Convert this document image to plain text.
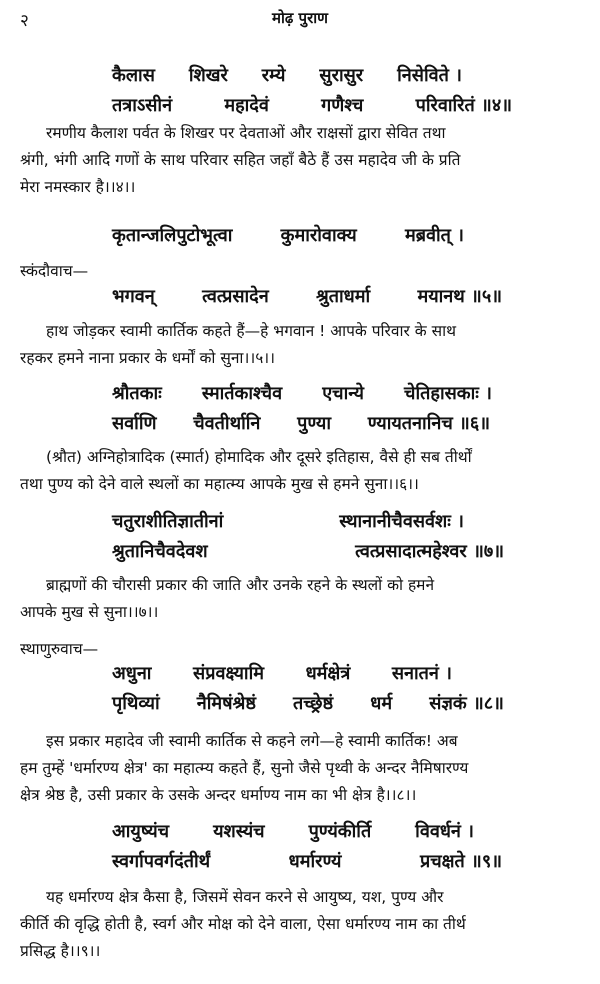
२	मोढ़ पुराण
कैलास शिखरे रम्ये सुरासुर निसेविते ।
तत्राऽसीनं	महादेवं	गणैश्च	परिवारितं ॥४॥
रमणीय कैलाश पर्वत के शिखर पर देवताओं और राक्षसों द्वारा सेवित तथा
श्रंगी, भंगी आदि गणों के साथ परिवार सहित जहाँ बैठे हैं उस महादेव जी के प्रति
मेरा नमस्कार है।।४।।
कृतान्जलिपुटोभूत्वा	कुमारोवाक्य	मब्रवीत् ।
स्कंदौवाच—
भगवन्	त्वत्प्रसादेन	श्रुताधर्मा	मयानथ ॥५॥
हाथ जोड़कर स्वामी कार्तिक कहते हैं—हे भगवान ! आपके परिवार के साथ
रहकर हमने नाना प्रकार के धर्मों को सुना।।५।।
श्रौतकाः स्मार्तकाश्चैव एचान्ये चेतिहासकाः ।
सर्वाणि चैवतीर्थानि पुण्या ण्यायतनानिच ॥६॥
(श्रौत) अग्निहोत्रादिक (स्मार्त) होमादिक और दूसरे इतिहास, वैसे ही सब तीर्थों
तथा पुण्य को देने वाले स्थलों का महात्म्य आपके मुख से हमने सुना।।६।।
चतुराशीतिज्ञातीनां	स्थानानीचैवसर्वशः ।
श्रुतानिचैवदेवश	त्वत्प्रसादात्महेश्वर ॥७॥
ब्राह्मणों की चौरासी प्रकार की जाति और उनके रहने के स्थलों को हमने
आपके मुख से सुना।।७।।
स्थाणुरुवाच—
अधुना संप्रवक्ष्यामि धर्मक्षेत्रं सनातनं ।
पृथिव्यां नैमिषंश्रेष्ठं तच्छ्रेष्ठं धर्म संज्ञकं ॥८॥
इस प्रकार महादेव जी स्वामी कार्तिक से कहने लगे—हे स्वामी कार्तिक! अब
हम तुम्हें 'धर्मारण्य क्षेत्र' का महात्म्य कहते हैं, सुनो जैसे पृथ्वी के अन्दर नैमिषारण्य
क्षेत्र श्रेष्ठ है, उसी प्रकार के उसके अन्दर धर्माण्य नाम का भी क्षेत्र है।।८।।
आयुष्यंच यशस्यंच पुण्यंकीर्ति विवर्धनं ।
स्वर्गापवर्गदंतीर्थं	धर्मारण्यं	प्रचक्षते ॥९॥
यह धर्मारण्य क्षेत्र कैसा है, जिसमें सेवन करने से आयुष्य, यश, पुण्य और
कीर्ति की वृद्धि होती है, स्वर्ग और मोक्ष को देने वाला, ऐसा धर्मारण्य नाम का तीर्थ
प्रसिद्ध है।।९।।
